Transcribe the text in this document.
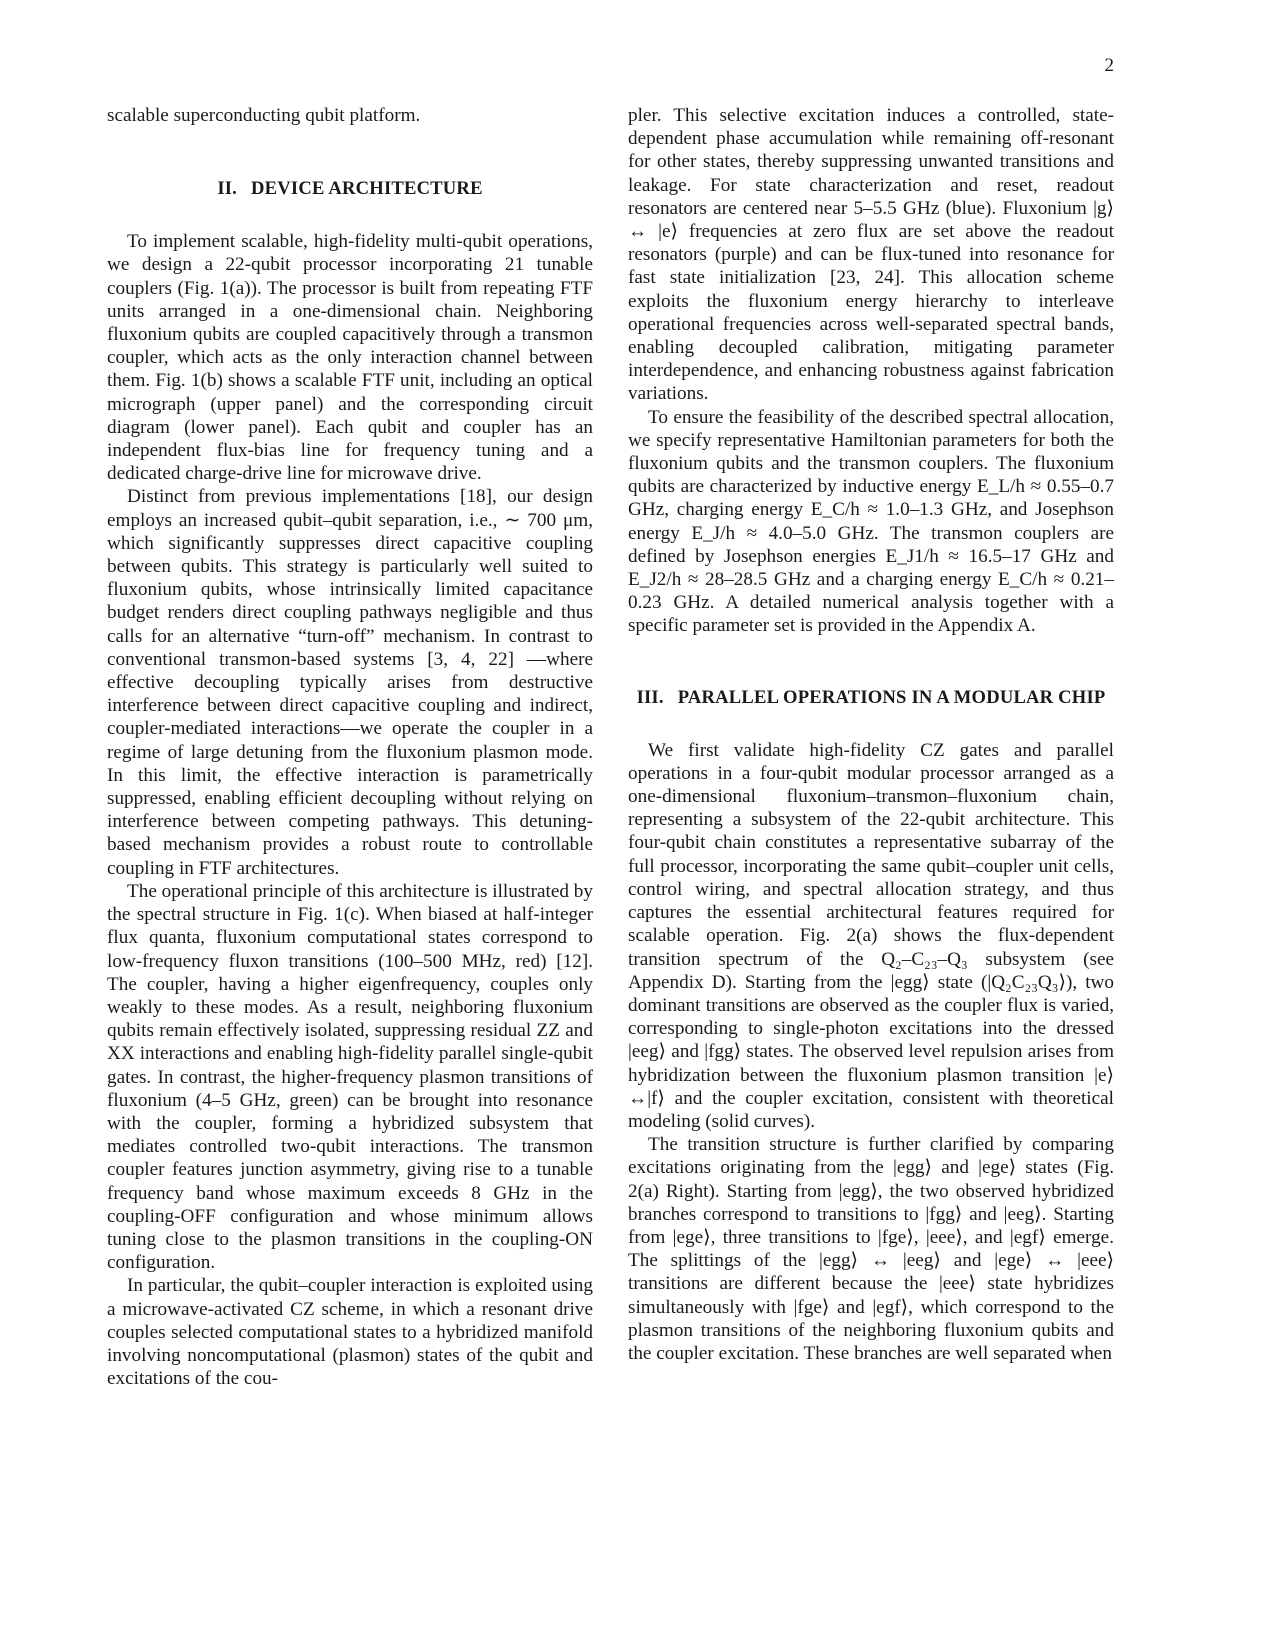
2

scalable superconducting qubit platform.

II. DEVICE ARCHITECTURE

To implement scalable, high-fidelity multi-qubit operations, we design a 22-qubit processor incorporating 21 tunable couplers (Fig. 1(a)). The processor is built from repeating FTF units arranged in a one-dimensional chain. Neighboring fluxonium qubits are coupled capacitively through a transmon coupler, which acts as the only interaction channel between them. Fig. 1(b) shows a scalable FTF unit, including an optical micrograph (upper panel) and the corresponding circuit diagram (lower panel). Each qubit and coupler has an independent flux-bias line for frequency tuning and a dedicated charge-drive line for microwave drive.

Distinct from previous implementations [18], our design employs an increased qubit–qubit separation, i.e., ∼ 700 μm, which significantly suppresses direct capacitive coupling between qubits. This strategy is particularly well suited to fluxonium qubits, whose intrinsically limited capacitance budget renders direct coupling pathways negligible and thus calls for an alternative “turn-off” mechanism. In contrast to conventional transmon-based systems [3, 4, 22] —where effective decoupling typically arises from destructive interference between direct capacitive coupling and indirect, coupler-mediated interactions—we operate the coupler in a regime of large detuning from the fluxonium plasmon mode. In this limit, the effective interaction is parametrically suppressed, enabling efficient decoupling without relying on interference between competing pathways. This detuning-based mechanism provides a robust route to controllable coupling in FTF architectures.

The operational principle of this architecture is illustrated by the spectral structure in Fig. 1(c). When biased at half-integer flux quanta, fluxonium computational states correspond to low-frequency fluxon transitions (100–500 MHz, red) [12]. The coupler, having a higher eigenfrequency, couples only weakly to these modes. As a result, neighboring fluxonium qubits remain effectively isolated, suppressing residual ZZ and XX interactions and enabling high-fidelity parallel single-qubit gates. In contrast, the higher-frequency plasmon transitions of fluxonium (4–5 GHz, green) can be brought into resonance with the coupler, forming a hybridized subsystem that mediates controlled two-qubit interactions. The transmon coupler features junction asymmetry, giving rise to a tunable frequency band whose maximum exceeds 8 GHz in the coupling-OFF configuration and whose minimum allows tuning close to the plasmon transitions in the coupling-ON configuration.

In particular, the qubit–coupler interaction is exploited using a microwave-activated CZ scheme, in which a resonant drive couples selected computational states to a hybridized manifold involving noncomputational (plasmon) states of the qubit and excitations of the cou-

pler. This selective excitation induces a controlled, state-dependent phase accumulation while remaining off-resonant for other states, thereby suppressing unwanted transitions and leakage. For state characterization and reset, readout resonators are centered near 5–5.5 GHz (blue). Fluxonium |g⟩ ↔ |e⟩ frequencies at zero flux are set above the readout resonators (purple) and can be flux-tuned into resonance for fast state initialization [23, 24]. This allocation scheme exploits the fluxonium energy hierarchy to interleave operational frequencies across well-separated spectral bands, enabling decoupled calibration, mitigating parameter interdependence, and enhancing robustness against fabrication variations.

To ensure the feasibility of the described spectral allocation, we specify representative Hamiltonian parameters for both the fluxonium qubits and the transmon couplers. The fluxonium qubits are characterized by inductive energy E_L/h ≈ 0.55–0.7 GHz, charging energy E_C/h ≈ 1.0–1.3 GHz, and Josephson energy E_J/h ≈ 4.0–5.0 GHz. The transmon couplers are defined by Josephson energies E_J1/h ≈ 16.5–17 GHz and E_J2/h ≈ 28–28.5 GHz and a charging energy E_C/h ≈ 0.21–0.23 GHz. A detailed numerical analysis together with a specific parameter set is provided in the Appendix A.

III. PARALLEL OPERATIONS IN A MODULAR CHIP

We first validate high-fidelity CZ gates and parallel operations in a four-qubit modular processor arranged as a one-dimensional fluxonium–transmon–fluxonium chain, representing a subsystem of the 22-qubit architecture. This four-qubit chain constitutes a representative subarray of the full processor, incorporating the same qubit–coupler unit cells, control wiring, and spectral allocation strategy, and thus captures the essential architectural features required for scalable operation. Fig. 2(a) shows the flux-dependent transition spectrum of the Q₂–C₂₃–Q₃ subsystem (see Appendix D). Starting from the |egg⟩ state (|Q₂C₂₃Q₃⟩), two dominant transitions are observed as the coupler flux is varied, corresponding to single-photon excitations into the dressed |eeg⟩ and |fgg⟩ states. The observed level repulsion arises from hybridization between the fluxonium plasmon transition |e⟩↔|f⟩ and the coupler excitation, consistent with theoretical modeling (solid curves).

The transition structure is further clarified by comparing excitations originating from the |egg⟩ and |ege⟩ states (Fig. 2(a) Right). Starting from |egg⟩, the two observed hybridized branches correspond to transitions to |fgg⟩ and |eeg⟩. Starting from |ege⟩, three transitions to |fge⟩, |eee⟩, and |egf⟩ emerge. The splittings of the |egg⟩ ↔ |eeg⟩ and |ege⟩ ↔ |eee⟩ transitions are different because the |eee⟩ state hybridizes simultaneously with |fge⟩ and |egf⟩, which correspond to the plasmon transitions of the neighboring fluxonium qubits and the coupler excitation. These branches are well separated when
